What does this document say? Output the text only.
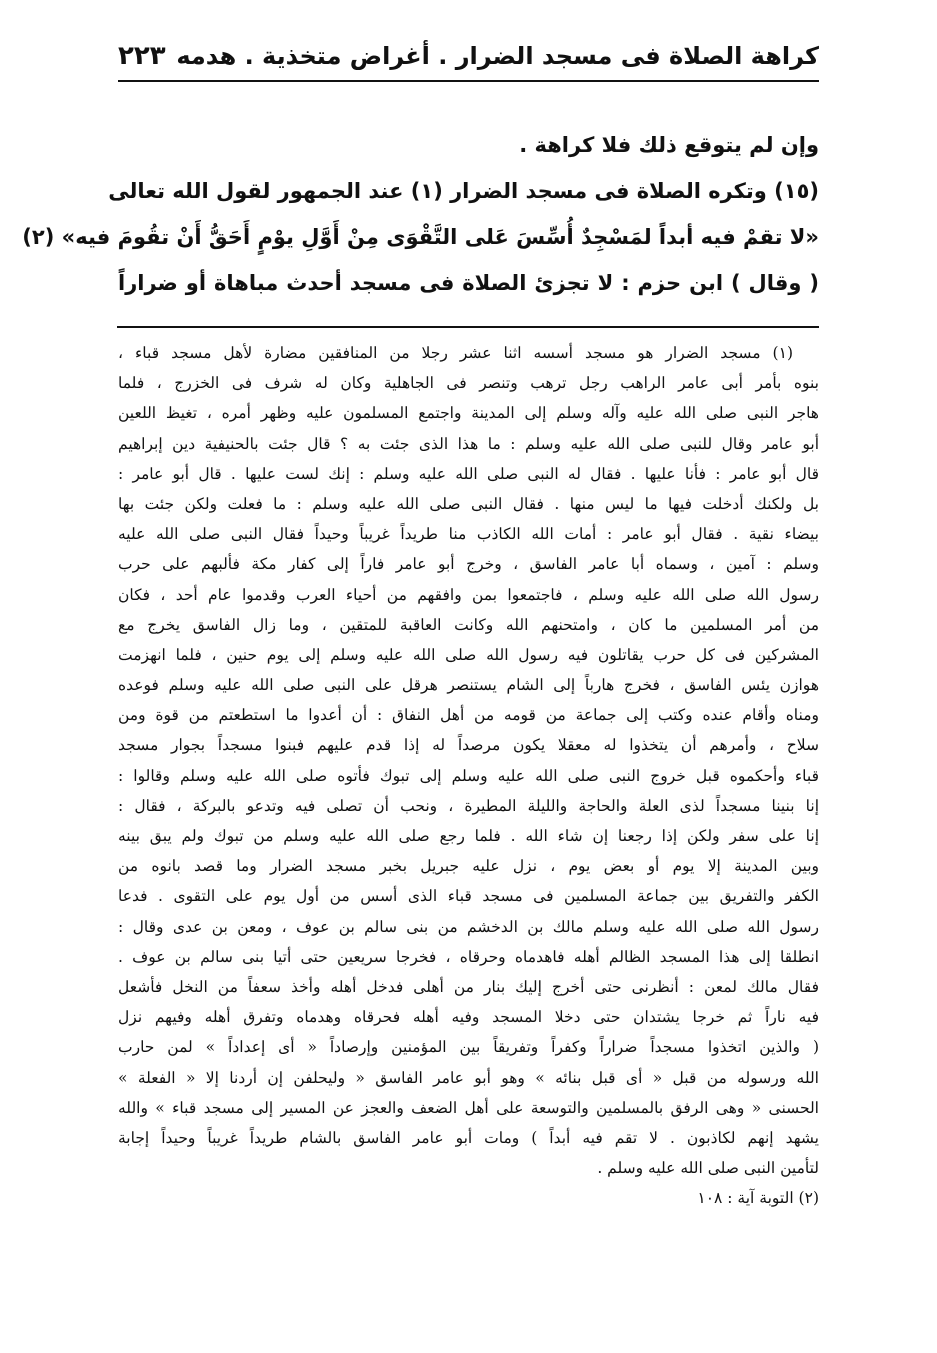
كراهة الصلاة فى مسجد الضرار . أغراض متخذية . هدمه
٢٢٣
وإن لم يتوقع ذلك فلا كراهة .
(١٥) وتكره الصلاة فى مسجد الضرار (١) عند الجمهور لقول الله تعالى
«لا تقمْ فيه أبداً لمَسْجِدٌ أُسِّسَ عَلى التَّقْوَى مِنْ أَوَّلِ يوْمٍ أَحَقُّ أَنْ تقُومَ فيه» (٢)
( وقال ) ابن حزم : لا تجزئ الصلاة فى مسجد أحدث مباهاة أو ضراراً
(١) مسجد الضرار هو مسجد أسسه اثنا عشر رجلا من المنافقين مضارة لأهل مسجد قباء ،
بنوه بأمر أبى عامر الراهب رجل ترهب وتنصر فى الجاهلية وكان له شرف فى الخزرج ، فلما
هاجر النبى صلى الله عليه وآله وسلم إلى المدينة واجتمع المسلمون عليه وظهر أمره ، تغيظ اللعين
أبو عامر وقال للنبى صلى الله عليه وسلم : ما هذا الذى جئت به ؟ قال جئت بالحنيفية دين إبراهيم
قال أبو عامر : فأنا عليها . فقال له النبى صلى الله عليه وسلم : إنك لست عليها . قال أبو عامر :
بل ولكنك أدخلت فيها ما ليس منها . فقال النبى صلى الله عليه وسلم : ما فعلت ولكن جئت بها
بيضاء نقية . فقال أبو عامر : أمات الله الكاذب منا طريداً غريباً وحيداً فقال النبى صلى الله عليه
وسلم : آمين ، وسماه أبا عامر الفاسق ، وخرج أبو عامر فاراً إلى كفار مكة فألبهم على حرب
رسول الله صلى الله عليه وسلم ، فاجتمعوا بمن وافقهم من أحياء العرب وقدموا عام أحد ، فكان
من أمر المسلمين ما كان ، وامتحنهم الله وكانت العاقبة للمتقين ، وما زال الفاسق يخرج مع
المشركين فى كل حرب يقاتلون فيه رسول الله صلى الله عليه وسلم إلى يوم حنين ، فلما انهزمت
هوازن يئس الفاسق ، فخرج هارباً إلى الشام يستنصر هرقل على النبى صلى الله عليه وسلم فوعده
ومناه وأقام عنده وكتب إلى جماعة من قومه من أهل النفاق : أن أعدوا ما استطعتم من قوة ومن
سلاح ، وأمرهم أن يتخذوا له معقلا يكون مرصداً له إذا قدم عليهم فبنوا مسجداً بجوار مسجد
قباء وأحكموه قبل خروج النبى صلى الله عليه وسلم إلى تبوك فأتوه صلى الله عليه وسلم وقالوا :
إنا بنينا مسجداً لذى العلة والحاجة والليلة المطيرة ، ونحب أن تصلى فيه وتدعو بالبركة ، فقال :
إنا على سفر ولكن إذا رجعنا إن شاء الله . فلما رجع صلى الله عليه وسلم من تبوك ولم يبق بينه
وبين المدينة إلا يوم أو بعض يوم ، نزل عليه جبريل بخبر مسجد الضرار وما قصد بانوه من
الكفر والتفريق بين جماعة المسلمين فى مسجد قباء الذى أسس من أول يوم على التقوى . فدعا
رسول الله صلى الله عليه وسلم مالك بن الدخشم من بنى سالم بن عوف ، ومعن بن عدى وقال :
انطلقا إلى هذا المسجد الظالم أهله فاهدماه وحرقاه ، فخرجا سريعين حتى أتيا بنى سالم بن عوف .
فقال مالك لمعن : أنظرنى حتى أخرج إليك بنار من أهلى فدخل أهله وأخذ سعفاً من النخل فأشعل
فيه ناراً ثم خرجا يشتدان حتى دخلا المسجد وفيه أهله فحرقاه وهدماه وتفرق أهله وفيهم نزل
( والذين اتخذوا مسجداً ضراراً وكفراً وتفريقاً بين المؤمنين وإرصاداً « أى إعداداً » لمن حارب
الله ورسوله من قبل « أى قبل بنائه » وهو أبو عامر الفاسق « وليحلفن إن أردنا إلا « الفعلة »
الحسنى « وهى الرفق بالمسلمين والتوسعة على أهل الضعف والعجز عن المسير إلى مسجد قباء » والله
يشهد إنهم لكاذبون . لا تقم فيه أبداً ) ومات أبو عامر الفاسق بالشام طريداً غريباً وحيداً إجابة
لتأمين النبى صلى الله عليه وسلم .
(٢) التوبة آية : ١٠٨
